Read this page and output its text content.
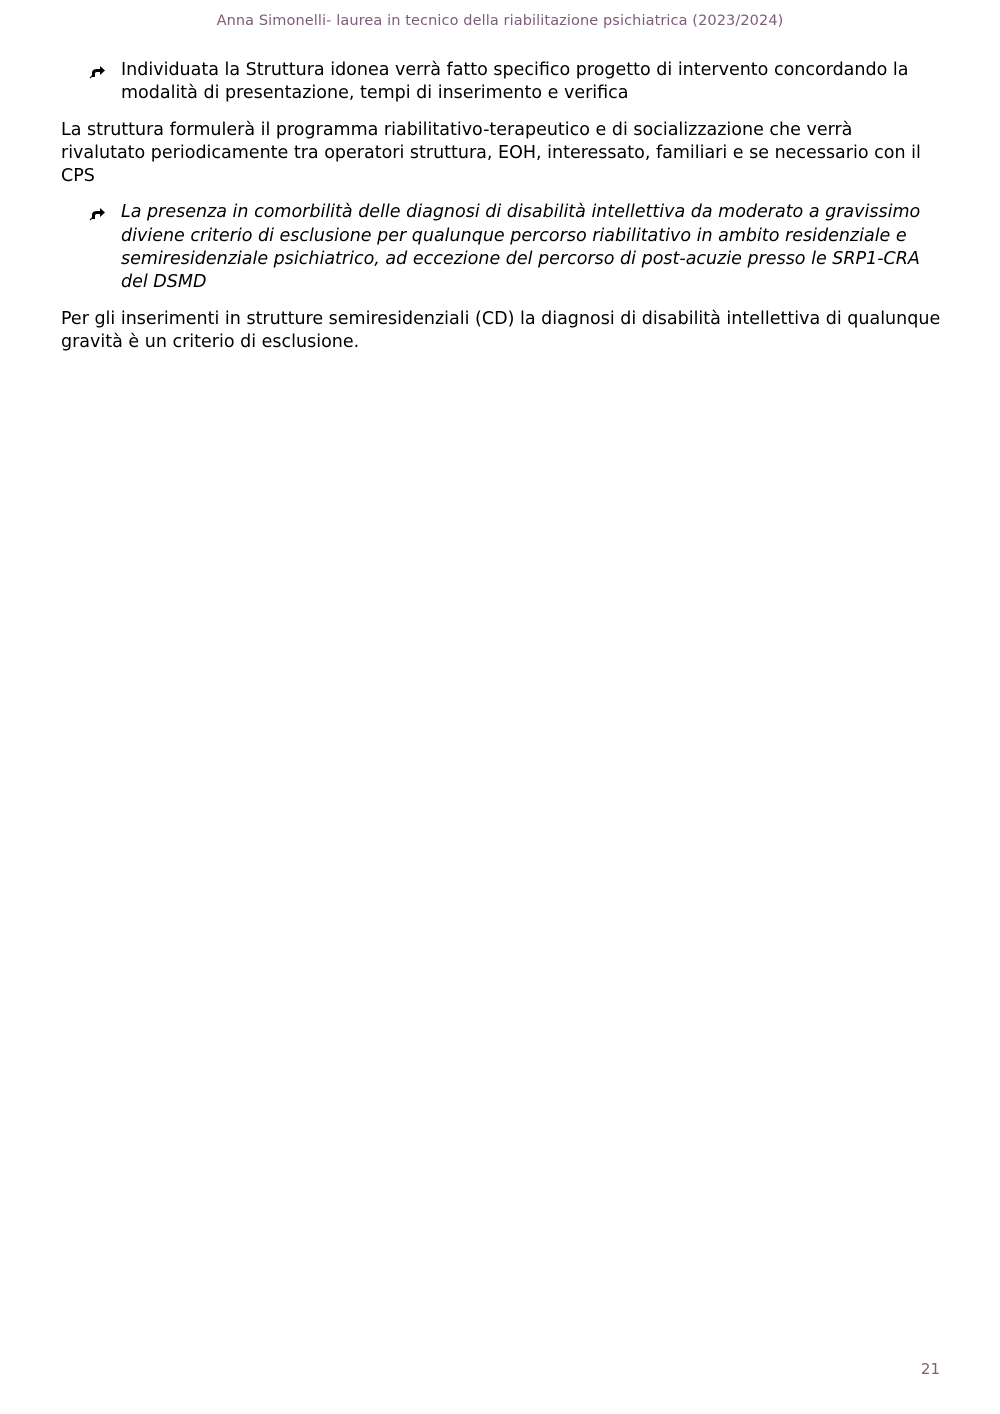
Anna Simonelli- laurea in tecnico della riabilitazione psichiatrica (2023/2024)
Individuata la Struttura idonea verrà fatto specifico progetto di intervento concordando la modalità di presentazione, tempi di inserimento e verifica

La struttura formulerà il programma riabilitativo-terapeutico e di socializzazione che verrà rivalutato periodicamente tra operatori struttura, EOH, interessato, familiari e se necessario con il CPS

La presenza in comorbilità delle diagnosi di disabilità intellettiva da moderato a gravissimo diviene criterio di esclusione per qualunque percorso riabilitativo in ambito residenziale e semiresidenziale psichiatrico, ad eccezione del percorso di post-acuzie presso le SRP1-CRA del DSMD

Per gli inserimenti in strutture semiresidenziali (CD) la diagnosi di disabilità intellettiva di qualunque gravità è un criterio di esclusione.

21
